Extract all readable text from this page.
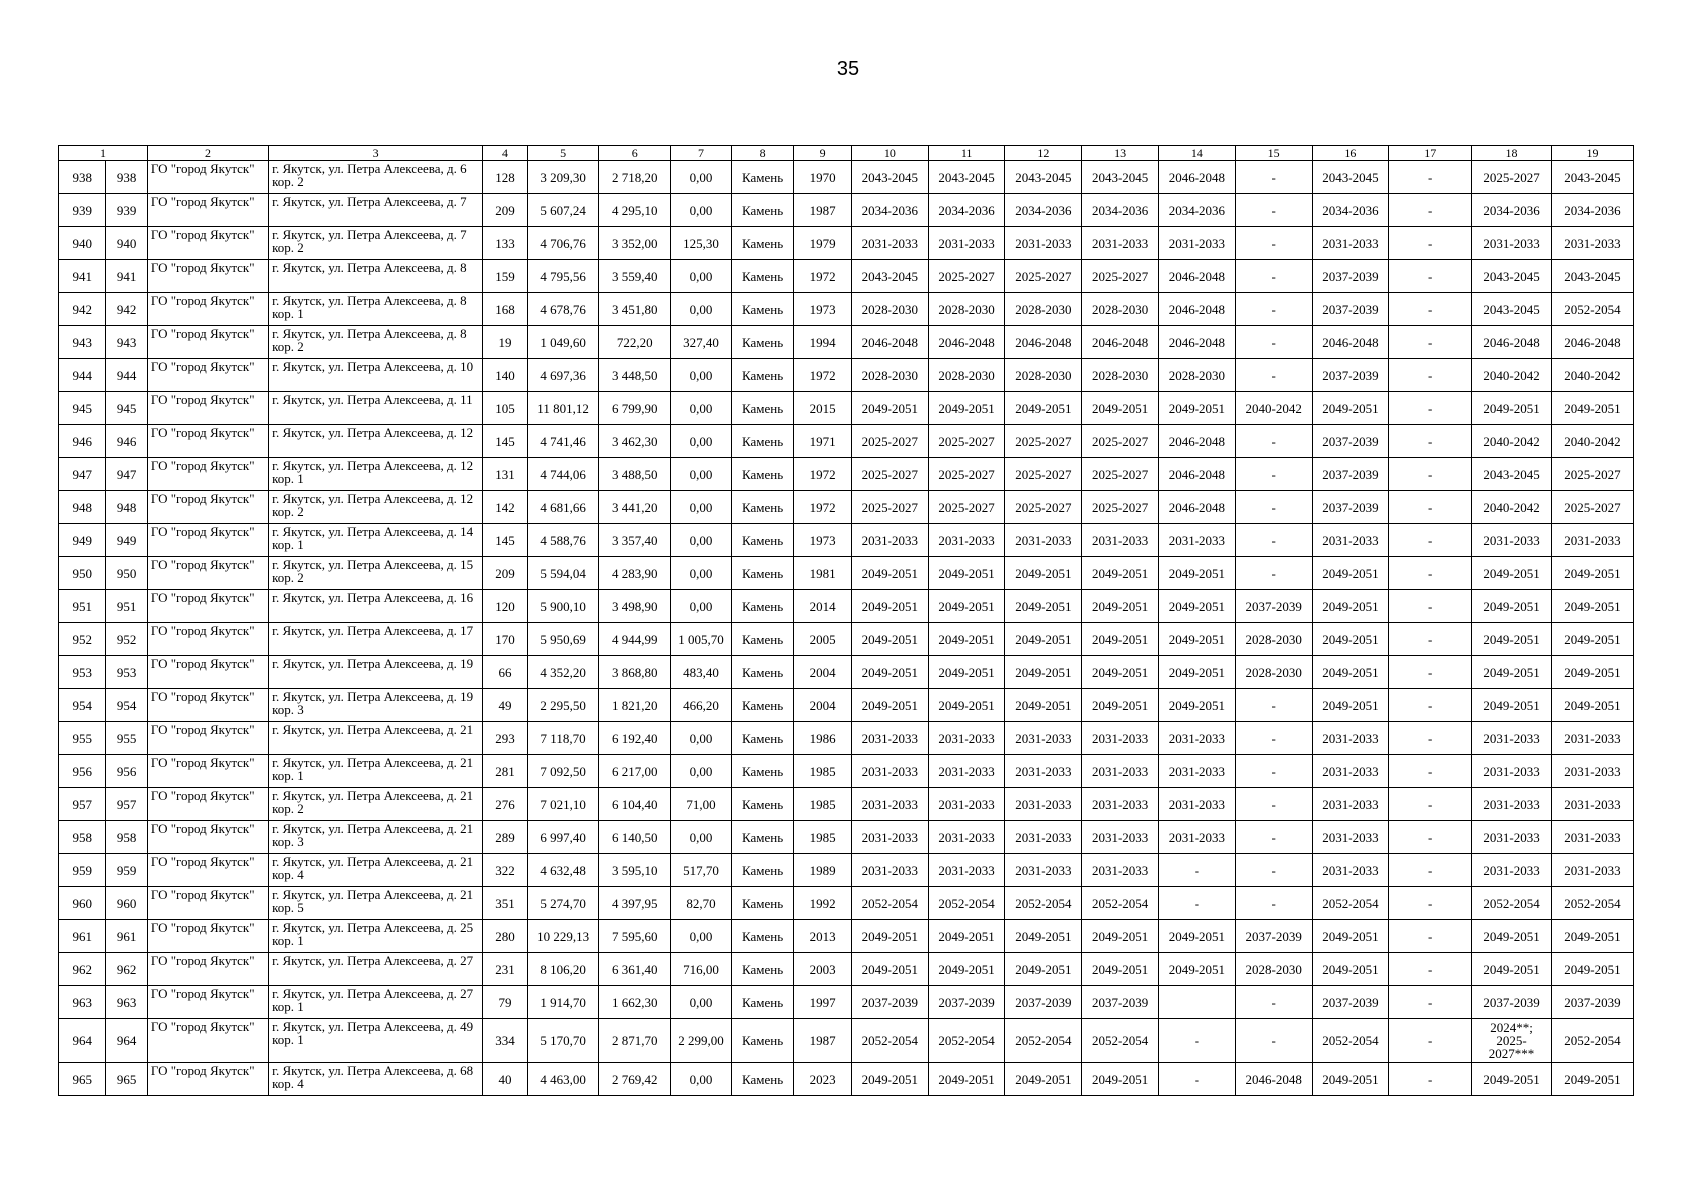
35
1		2	3	4	5	6	7	8	9	10	11	12	13	14	15	16	17	18	19
938	938	ГО "город Якутск"	г. Якутск, ул. Петра Алексеева, д. 6 кор. 2	128	3 209,30	2 718,20	0,00	Камень	1970	2043-2045	2043-2045	2043-2045	2043-2045	2046-2048	-	2043-2045	-	2025-2027	2043-2045
939	939	ГО "город Якутск"	г. Якутск, ул. Петра Алексеева, д. 7	209	5 607,24	4 295,10	0,00	Камень	1987	2034-2036	2034-2036	2034-2036	2034-2036	2034-2036	-	2034-2036	-	2034-2036	2034-2036
940	940	ГО "город Якутск"	г. Якутск, ул. Петра Алексеева, д. 7 кор. 2	133	4 706,76	3 352,00	125,30	Камень	1979	2031-2033	2031-2033	2031-2033	2031-2033	2031-2033	-	2031-2033	-	2031-2033	2031-2033
941	941	ГО "город Якутск"	г. Якутск, ул. Петра Алексеева, д. 8	159	4 795,56	3 559,40	0,00	Камень	1972	2043-2045	2025-2027	2025-2027	2025-2027	2046-2048	-	2037-2039	-	2043-2045	2043-2045
942	942	ГО "город Якутск"	г. Якутск, ул. Петра Алексеева, д. 8 кор. 1	168	4 678,76	3 451,80	0,00	Камень	1973	2028-2030	2028-2030	2028-2030	2028-2030	2046-2048	-	2037-2039	-	2043-2045	2052-2054
943	943	ГО "город Якутск"	г. Якутск, ул. Петра Алексеева, д. 8 кор. 2	19	1 049,60	722,20	327,40	Камень	1994	2046-2048	2046-2048	2046-2048	2046-2048	2046-2048	-	2046-2048	-	2046-2048	2046-2048
944	944	ГО "город Якутск"	г. Якутск, ул. Петра Алексеева, д. 10	140	4 697,36	3 448,50	0,00	Камень	1972	2028-2030	2028-2030	2028-2030	2028-2030	2028-2030	-	2037-2039	-	2040-2042	2040-2042
945	945	ГО "город Якутск"	г. Якутск, ул. Петра Алексеева, д. 11	105	11 801,12	6 799,90	0,00	Камень	2015	2049-2051	2049-2051	2049-2051	2049-2051	2049-2051	2040-2042	2049-2051	-	2049-2051	2049-2051
946	946	ГО "город Якутск"	г. Якутск, ул. Петра Алексеева, д. 12	145	4 741,46	3 462,30	0,00	Камень	1971	2025-2027	2025-2027	2025-2027	2025-2027	2046-2048	-	2037-2039	-	2040-2042	2040-2042
947	947	ГО "город Якутск"	г. Якутск, ул. Петра Алексеева, д. 12 кор. 1	131	4 744,06	3 488,50	0,00	Камень	1972	2025-2027	2025-2027	2025-2027	2025-2027	2046-2048	-	2037-2039	-	2043-2045	2025-2027
948	948	ГО "город Якутск"	г. Якутск, ул. Петра Алексеева, д. 12 кор. 2	142	4 681,66	3 441,20	0,00	Камень	1972	2025-2027	2025-2027	2025-2027	2025-2027	2046-2048	-	2037-2039	-	2040-2042	2025-2027
949	949	ГО "город Якутск"	г. Якутск, ул. Петра Алексеева, д. 14 кор. 1	145	4 588,76	3 357,40	0,00	Камень	1973	2031-2033	2031-2033	2031-2033	2031-2033	2031-2033	-	2031-2033	-	2031-2033	2031-2033
950	950	ГО "город Якутск"	г. Якутск, ул. Петра Алексеева, д. 15 кор. 2	209	5 594,04	4 283,90	0,00	Камень	1981	2049-2051	2049-2051	2049-2051	2049-2051	2049-2051	-	2049-2051	-	2049-2051	2049-2051
951	951	ГО "город Якутск"	г. Якутск, ул. Петра Алексеева, д. 16	120	5 900,10	3 498,90	0,00	Камень	2014	2049-2051	2049-2051	2049-2051	2049-2051	2049-2051	2037-2039	2049-2051	-	2049-2051	2049-2051
952	952	ГО "город Якутск"	г. Якутск, ул. Петра Алексеева, д. 17	170	5 950,69	4 944,99	1 005,70	Камень	2005	2049-2051	2049-2051	2049-2051	2049-2051	2049-2051	2028-2030	2049-2051	-	2049-2051	2049-2051
953	953	ГО "город Якутск"	г. Якутск, ул. Петра Алексеева, д. 19	66	4 352,20	3 868,80	483,40	Камень	2004	2049-2051	2049-2051	2049-2051	2049-2051	2049-2051	2028-2030	2049-2051	-	2049-2051	2049-2051
954	954	ГО "город Якутск"	г. Якутск, ул. Петра Алексеева, д. 19 кор. 3	49	2 295,50	1 821,20	466,20	Камень	2004	2049-2051	2049-2051	2049-2051	2049-2051	2049-2051	-	2049-2051	-	2049-2051	2049-2051
955	955	ГО "город Якутск"	г. Якутск, ул. Петра Алексеева, д. 21	293	7 118,70	6 192,40	0,00	Камень	1986	2031-2033	2031-2033	2031-2033	2031-2033	2031-2033	-	2031-2033	-	2031-2033	2031-2033
956	956	ГО "город Якутск"	г. Якутск, ул. Петра Алексеева, д. 21 кор. 1	281	7 092,50	6 217,00	0,00	Камень	1985	2031-2033	2031-2033	2031-2033	2031-2033	2031-2033	-	2031-2033	-	2031-2033	2031-2033
957	957	ГО "город Якутск"	г. Якутск, ул. Петра Алексеева, д. 21 кор. 2	276	7 021,10	6 104,40	71,00	Камень	1985	2031-2033	2031-2033	2031-2033	2031-2033	2031-2033	-	2031-2033	-	2031-2033	2031-2033
958	958	ГО "город Якутск"	г. Якутск, ул. Петра Алексеева, д. 21 кор. 3	289	6 997,40	6 140,50	0,00	Камень	1985	2031-2033	2031-2033	2031-2033	2031-2033	2031-2033	-	2031-2033	-	2031-2033	2031-2033
959	959	ГО "город Якутск"	г. Якутск, ул. Петра Алексеева, д. 21 кор. 4	322	4 632,48	3 595,10	517,70	Камень	1989	2031-2033	2031-2033	2031-2033	2031-2033	-	-	2031-2033	-	2031-2033	2031-2033
960	960	ГО "город Якутск"	г. Якутск, ул. Петра Алексеева, д. 21 кор. 5	351	5 274,70	4 397,95	82,70	Камень	1992	2052-2054	2052-2054	2052-2054	2052-2054	-	-	2052-2054	-	2052-2054	2052-2054
961	961	ГО "город Якутск"	г. Якутск, ул. Петра Алексеева, д. 25 кор. 1	280	10 229,13	7 595,60	0,00	Камень	2013	2049-2051	2049-2051	2049-2051	2049-2051	2049-2051	2037-2039	2049-2051	-	2049-2051	2049-2051
962	962	ГО "город Якутск"	г. Якутск, ул. Петра Алексеева, д. 27	231	8 106,20	6 361,40	716,00	Камень	2003	2049-2051	2049-2051	2049-2051	2049-2051	2049-2051	2028-2030	2049-2051	-	2049-2051	2049-2051
963	963	ГО "город Якутск"	г. Якутск, ул. Петра Алексеева, д. 27 кор. 1	79	1 914,70	1 662,30	0,00	Камень	1997	2037-2039	2037-2039	2037-2039	2037-2039		-	2037-2039	-	2037-2039	2037-2039
964	964	ГО "город Якутск"	г. Якутск, ул. Петра Алексеева, д. 49 кор. 1	334	5 170,70	2 871,70	2 299,00	Камень	1987	2052-2054	2052-2054	2052-2054	2052-2054	-	-	2052-2054	-	2024**; 2025-2027***	2052-2054
965	965	ГО "город Якутск"	г. Якутск, ул. Петра Алексеева, д. 68 кор. 4	40	4 463,00	2 769,42	0,00	Камень	2023	2049-2051	2049-2051	2049-2051	2049-2051	-	2046-2048	2049-2051	-	2049-2051	2049-2051
